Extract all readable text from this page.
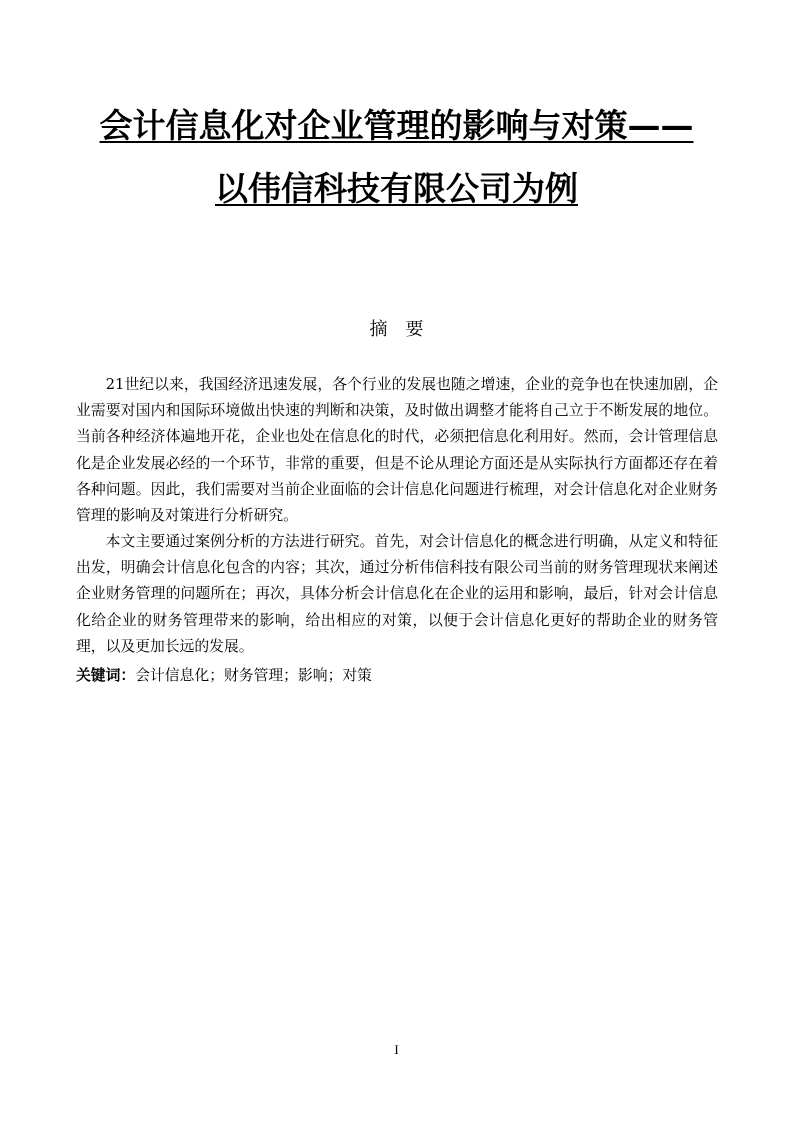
会计信息化对企业管理的影响与对策——
以伟信科技有限公司为例
摘要

21世纪以来，我国经济迅速发展，各个行业的发展也随之增速，企业的竞争也在快速加剧，企业需要对国内和国际环境做出快速的判断和决策，及时做出调整才能将自己立于不断发展的地位。当前各种经济体遍地开花，企业也处在信息化的时代，必须把信息化利用好。然而，会计管理信息化是企业发展必经的一个环节，非常的重要，但是不论从理论方面还是从实际执行方面都还存在着各种问题。因此，我们需要对当前企业面临的会计信息化问题进行梳理，对会计信息化对企业财务管理的影响及对策进行分析研究。

本文主要通过案例分析的方法进行研究。首先，对会计信息化的概念进行明确，从定义和特征出发，明确会计信息化包含的内容；其次，通过分析伟信科技有限公司当前的财务管理现状来阐述企业财务管理的问题所在；再次，具体分析会计信息化在企业的运用和影响，最后，针对会计信息化给企业的财务管理带来的影响，给出相应的对策，以便于会计信息化更好的帮助企业的财务管理，以及更加长远的发展。

关键词：会计信息化；财务管理；影响；对策

I
